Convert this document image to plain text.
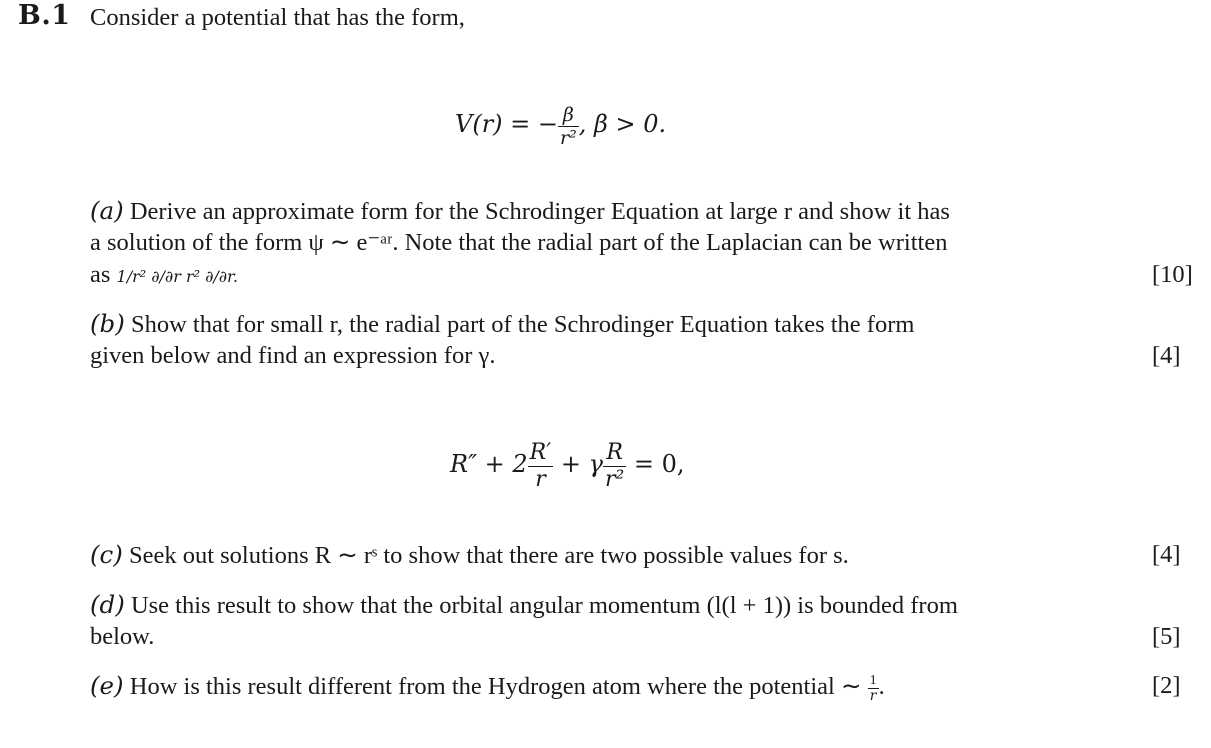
B.1 Consider a potential that has the form,
V(r) = − $\frac{\beta}{\text{r²}}$ , β > 0.
(a) Derive an approximate form for the Schrodinger Equation at large r and show it has
a solution of the form ψ ∼ e⁻ᵃʳ. Note that the radial part of the Laplacian can be written
as 1/r² ∂/∂r r² ∂/∂r.	[10]
(b) Show that for small r, the radial part of the Schrodinger Equation takes the form
given below and find an expression for γ.	[4]
$R'' + 2 \frac{R'}{r} + \gamma \frac{R}{\text{r²}} = 0$,
(c) Seek out solutions R ∼ rˢ to show that there are two possible values for s.	[4]
(d) Use this result to show that the orbital angular momentum (l(l + 1)) is bounded from
below.	[5]
(e) How is this result different from the Hydrogen atom where the potential ∼ $\frac{1}{r}$ .	[2]
